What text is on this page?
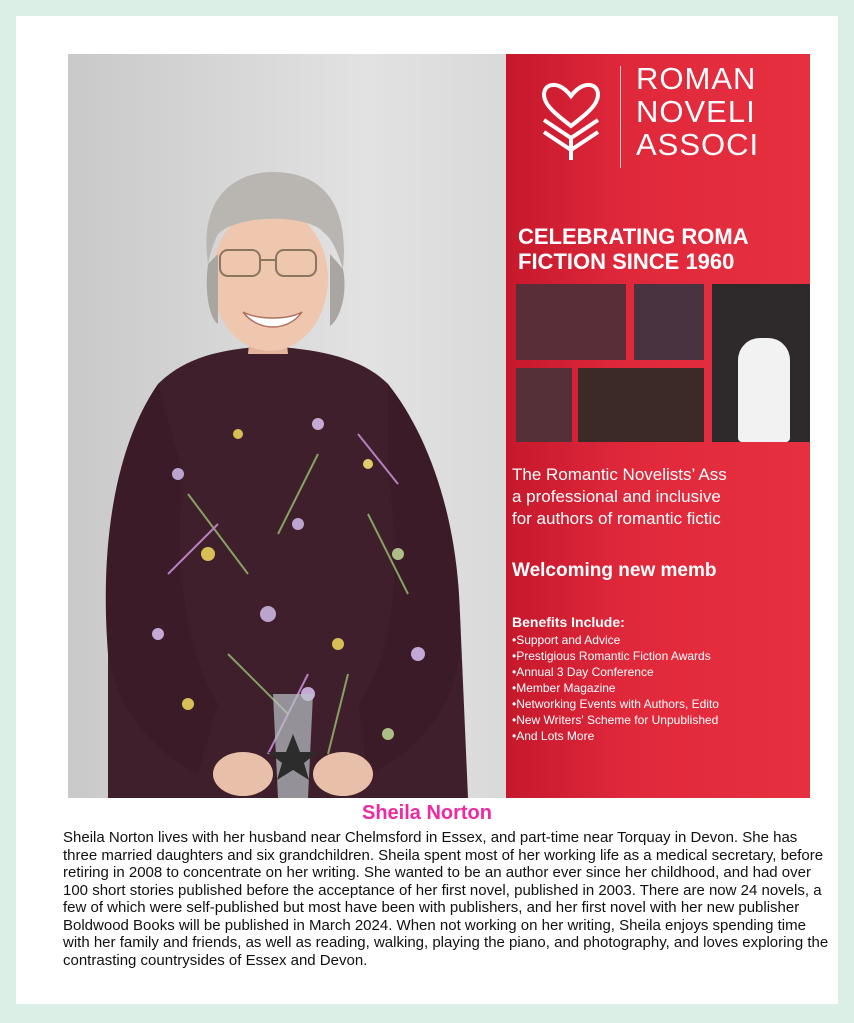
ROMAN
NOVELI
ASSOCI
CELEBRATING ROMA
FICTION SINCE 1960
The Romantic Novelists’ Ass
a professional and inclusive
for authors of romantic fictic
Welcoming new memb
Benefits Include:
• Support and Advice
• Prestigious Romantic Fiction Awards
• Annual 3 Day Conference
• Member Magazine
• Networking Events with Authors, Edito
• New Writers' Scheme for Unpublished
• And Lots More
Sheila Norton
Sheila Norton lives with her husband near Chelmsford in Essex, and part-time near Torquay in Devon. She has three married daughters and six grandchildren. Sheila spent most of her working life as a medical secretary, before retiring in 2008 to concentrate on her writing. She wanted to be an author ever since her childhood, and had over 100 short stories published before the acceptance of her first novel, published in 2003. There are now 24 novels, a few of which were self-published but most have been with publishers, and her first novel with her new publisher Boldwood Books will be published in March 2024. When not working on her writing, Sheila enjoys spending time with her family and friends, as well as reading, walking, playing the piano, and photography, and loves exploring the contrasting countrysides of Essex and Devon.
